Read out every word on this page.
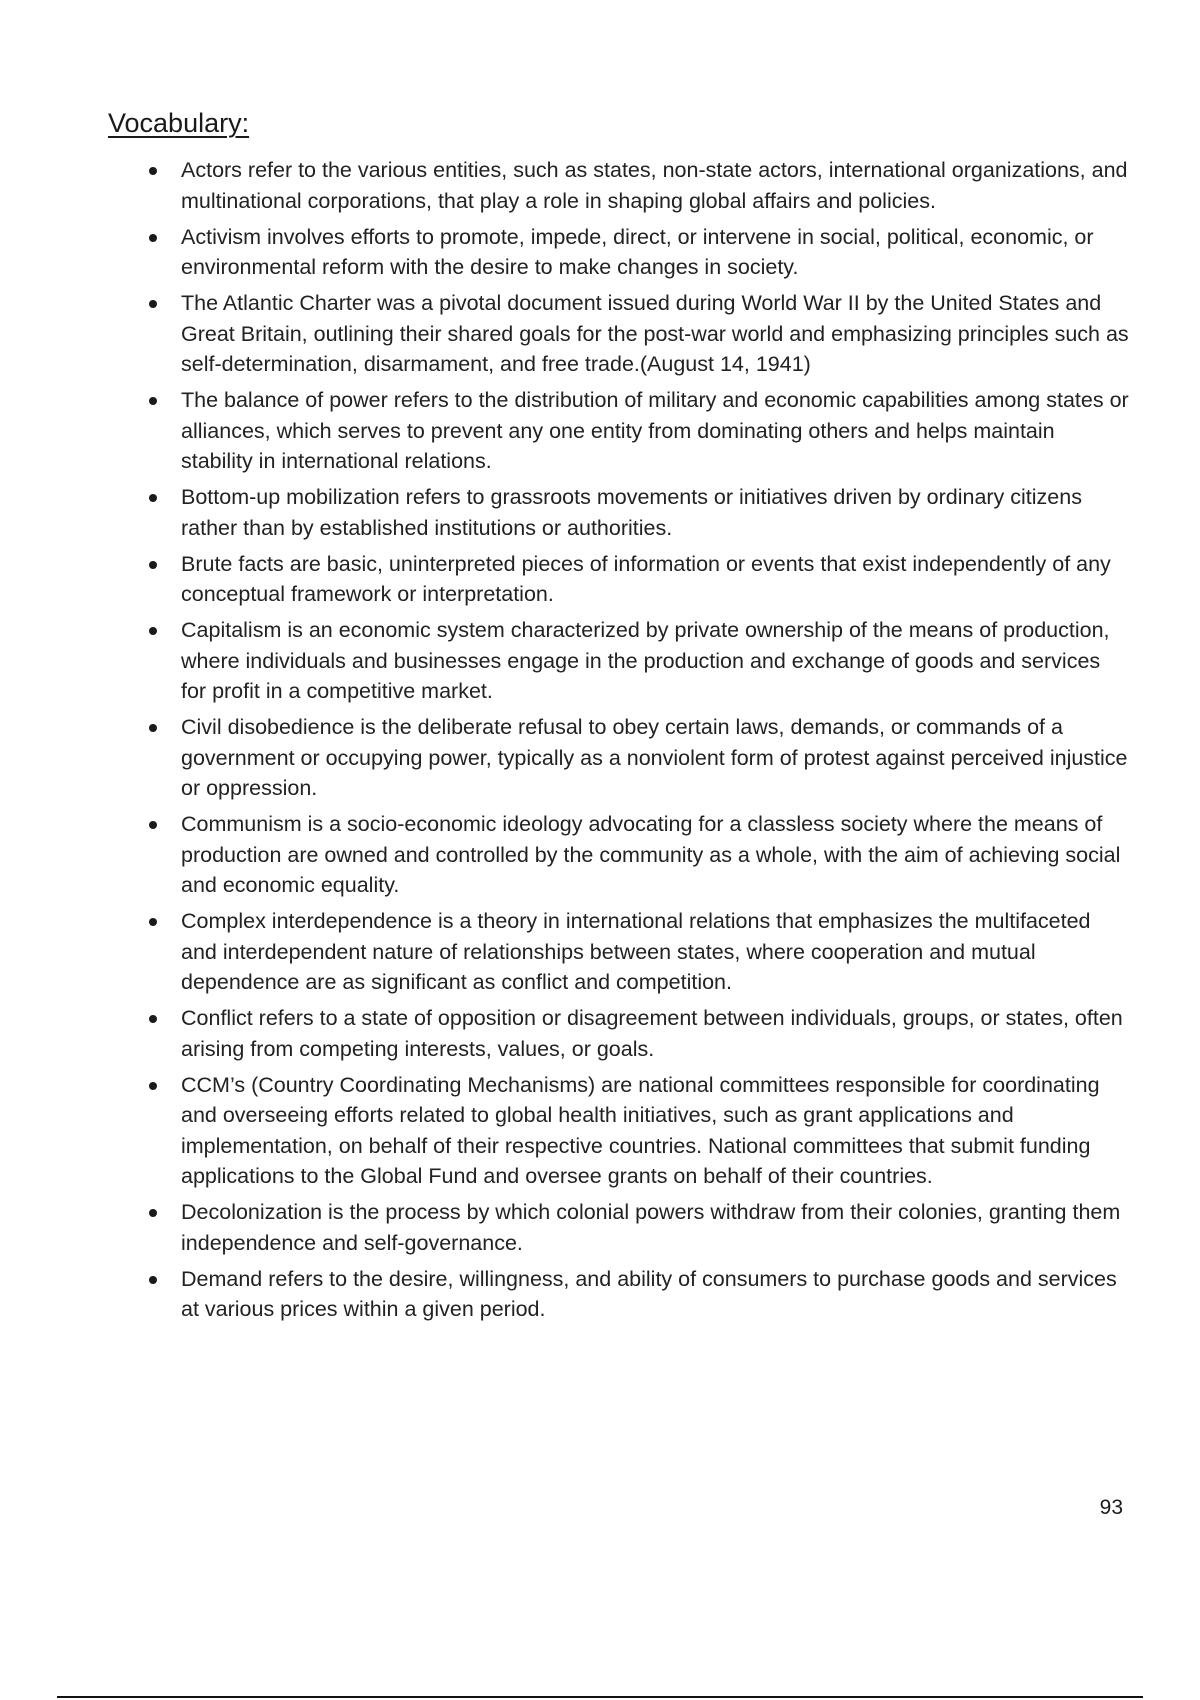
Vocabulary:
Actors refer to the various entities, such as states, non-state actors, international organizations, and multinational corporations, that play a role in shaping global affairs and policies.
Activism involves efforts to promote, impede, direct, or intervene in social, political, economic, or environmental reform with the desire to make changes in society.
The Atlantic Charter was a pivotal document issued during World War II by the United States and Great Britain, outlining their shared goals for the post-war world and emphasizing principles such as self-determination, disarmament, and free trade.(August 14, 1941)
The balance of power refers to the distribution of military and economic capabilities among states or alliances, which serves to prevent any one entity from dominating others and helps maintain stability in international relations.
Bottom-up mobilization refers to grassroots movements or initiatives driven by ordinary citizens rather than by established institutions or authorities.
Brute facts are basic, uninterpreted pieces of information or events that exist independently of any conceptual framework or interpretation.
Capitalism is an economic system characterized by private ownership of the means of production, where individuals and businesses engage in the production and exchange of goods and services for profit in a competitive market.
Civil disobedience is the deliberate refusal to obey certain laws, demands, or commands of a government or occupying power, typically as a nonviolent form of protest against perceived injustice or oppression.
Communism is a socio-economic ideology advocating for a classless society where the means of production are owned and controlled by the community as a whole, with the aim of achieving social and economic equality.
Complex interdependence is a theory in international relations that emphasizes the multifaceted and interdependent nature of relationships between states, where cooperation and mutual dependence are as significant as conflict and competition.
Conflict refers to a state of opposition or disagreement between individuals, groups, or states, often arising from competing interests, values, or goals.
CCM’s (Country Coordinating Mechanisms) are national committees responsible for coordinating and overseeing efforts related to global health initiatives, such as grant applications and implementation, on behalf of their respective countries. National committees that submit funding applications to the Global Fund and oversee grants on behalf of their countries.
Decolonization is the process by which colonial powers withdraw from their colonies, granting them independence and self-governance.
Demand refers to the desire, willingness, and ability of consumers to purchase goods and services at various prices within a given period.
93
